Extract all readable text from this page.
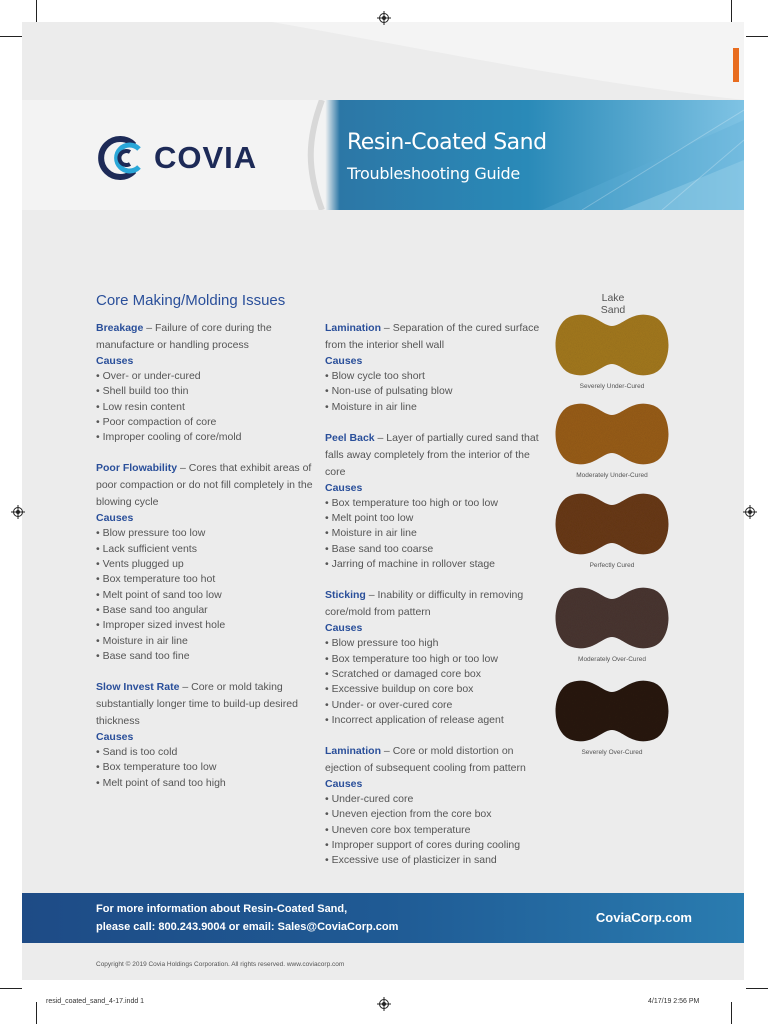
COVIA	Resin-Coated Sand
Troubleshooting Guide
Core Making/Molding Issues
Breakage – Failure of core during the manufacture or handling process
Causes
• Over- or under-cured
• Shell build too thin
• Low resin content
• Poor compaction of core
• Improper cooling of core/mold
Poor Flowability – Cores that exhibit areas of poor compaction or do not fill completely in the blowing cycle
Causes
• Blow pressure too low
• Lack sufficient vents
• Vents plugged up
• Box temperature too hot
• Melt point of sand too low
• Base sand too angular
• Improper sized invest hole
• Moisture in air line
• Base sand too fine
Slow Invest Rate – Core or mold taking substantially longer time to build-up desired thickness
Causes
• Sand is too cold
• Box temperature too low
• Melt point of sand too high
Lamination – Separation of the cured surface from the interior shell wall
Causes
• Blow cycle too short
• Non-use of pulsating blow
• Moisture in air line
Peel Back – Layer of partially cured sand that falls away completely from the interior of the core
Causes
• Box temperature too high or too low
• Melt point too low
• Moisture in air line
• Base sand too coarse
• Jarring of machine in rollover stage
Sticking – Inability or difficulty in removing core/mold from pattern
Causes
• Blow pressure too high
• Box temperature too high or too low
• Scratched or damaged core box
• Excessive buildup on core box
• Under- or over-cured core
• Incorrect application of release agent
Lamination – Core or mold distortion on ejection of subsequent cooling from pattern
Causes
• Under-cured core
• Uneven ejection from the core box
• Uneven core box temperature
• Improper support of cores during cooling
• Excessive use of plasticizer in sand
Lake Sand
Severely Under-Cured
Moderately Under-Cured
Perfectly Cured
Moderately Over-Cured
Severely Over-Cured
For more information about Resin-Coated Sand,
please call: 800.243.9004 or email: Sales@CoviaCorp.com
CoviaCorp.com
Copyright © 2019 Covia Holdings Corporation. All rights reserved. www.coviacorp.com
resid_coated_sand_4-17.indd 1	4/17/19 2:56 PM
